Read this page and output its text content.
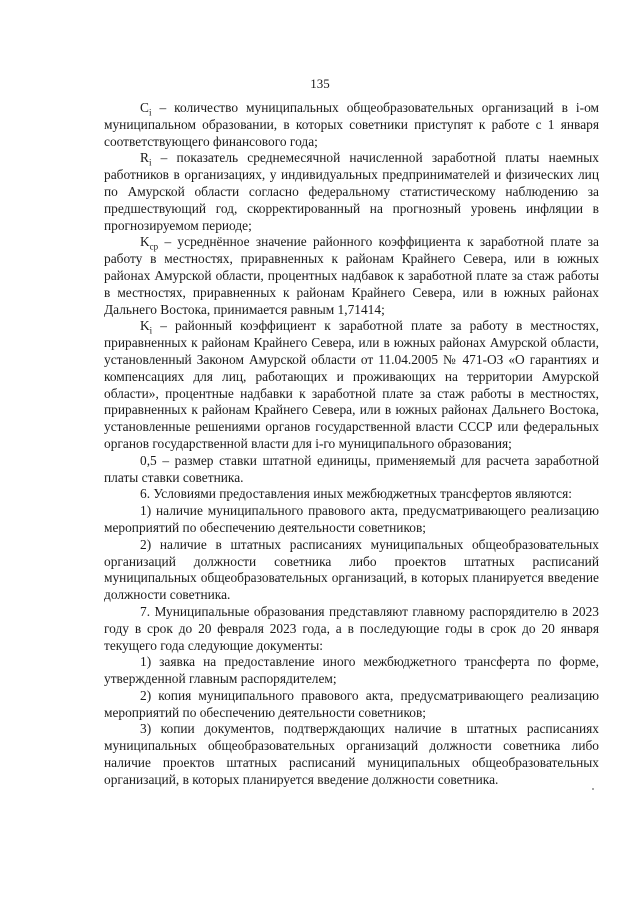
135

$C_i$ – количество муниципальных общеобразовательных организаций в i-ом муниципальном образовании, в которых советники приступят к работе с 1 января соответствующего финансового года;

$R_i$ – показатель среднемесячной начисленной заработной платы наемных работников в организациях, у индивидуальных предпринимателей и физических лиц по Амурской области согласно федеральному статистическому наблюдению за предшествующий год, скорректированный на прогнозный уровень инфляции в прогнозируемом периоде;

$K_{ср}$ – усреднённое значение районного коэффициента к заработной плате за работу в местностях, приравненных к районам Крайнего Севера, или в южных районах Амурской области, процентных надбавок к заработной плате за стаж работы в местностях, приравненных к районам Крайнего Севера, или в южных районах Дальнего Востока, принимается равным 1,71414;

$K_i$ – районный коэффициент к заработной плате за работу в местностях, приравненных к районам Крайнего Севера, или в южных районах Амурской области, установленный Законом Амурской области от 11.04.2005 № 471-ОЗ «О гарантиях и компенсациях для лиц, работающих и проживающих на территории Амурской области», процентные надбавки к заработной плате за стаж работы в местностях, приравненных к районам Крайнего Севера, или в южных районах Дальнего Востока, установленные решениями органов государственной власти СССР или федеральных органов государственной власти для i-го муниципального образования;

0,5 – размер ставки штатной единицы, применяемый для расчета заработной платы ставки советника.

6. Условиями предоставления иных межбюджетных трансфертов являются:

1) наличие муниципального правового акта, предусматривающего реализацию мероприятий по обеспечению деятельности советников;

2) наличие в штатных расписаниях муниципальных общеобразовательных организаций должности советника либо проектов штатных расписаний муниципальных общеобразовательных организаций, в которых планируется введение должности советника.

7. Муниципальные образования представляют главному распорядителю в 2023 году в срок до 20 февраля 2023 года, а в последующие годы в срок до 20 января текущего года следующие документы:

1) заявка на предоставление иного межбюджетного трансферта по форме, утвержденной главным распорядителем;

2) копия муниципального правового акта, предусматривающего реализацию мероприятий по обеспечению деятельности советников;

3) копии документов, подтверждающих наличие в штатных расписаниях муниципальных общеобразовательных организаций должности советника либо наличие проектов штатных расписаний муниципальных общеобразовательных организаций, в которых планируется введение должности советника.
